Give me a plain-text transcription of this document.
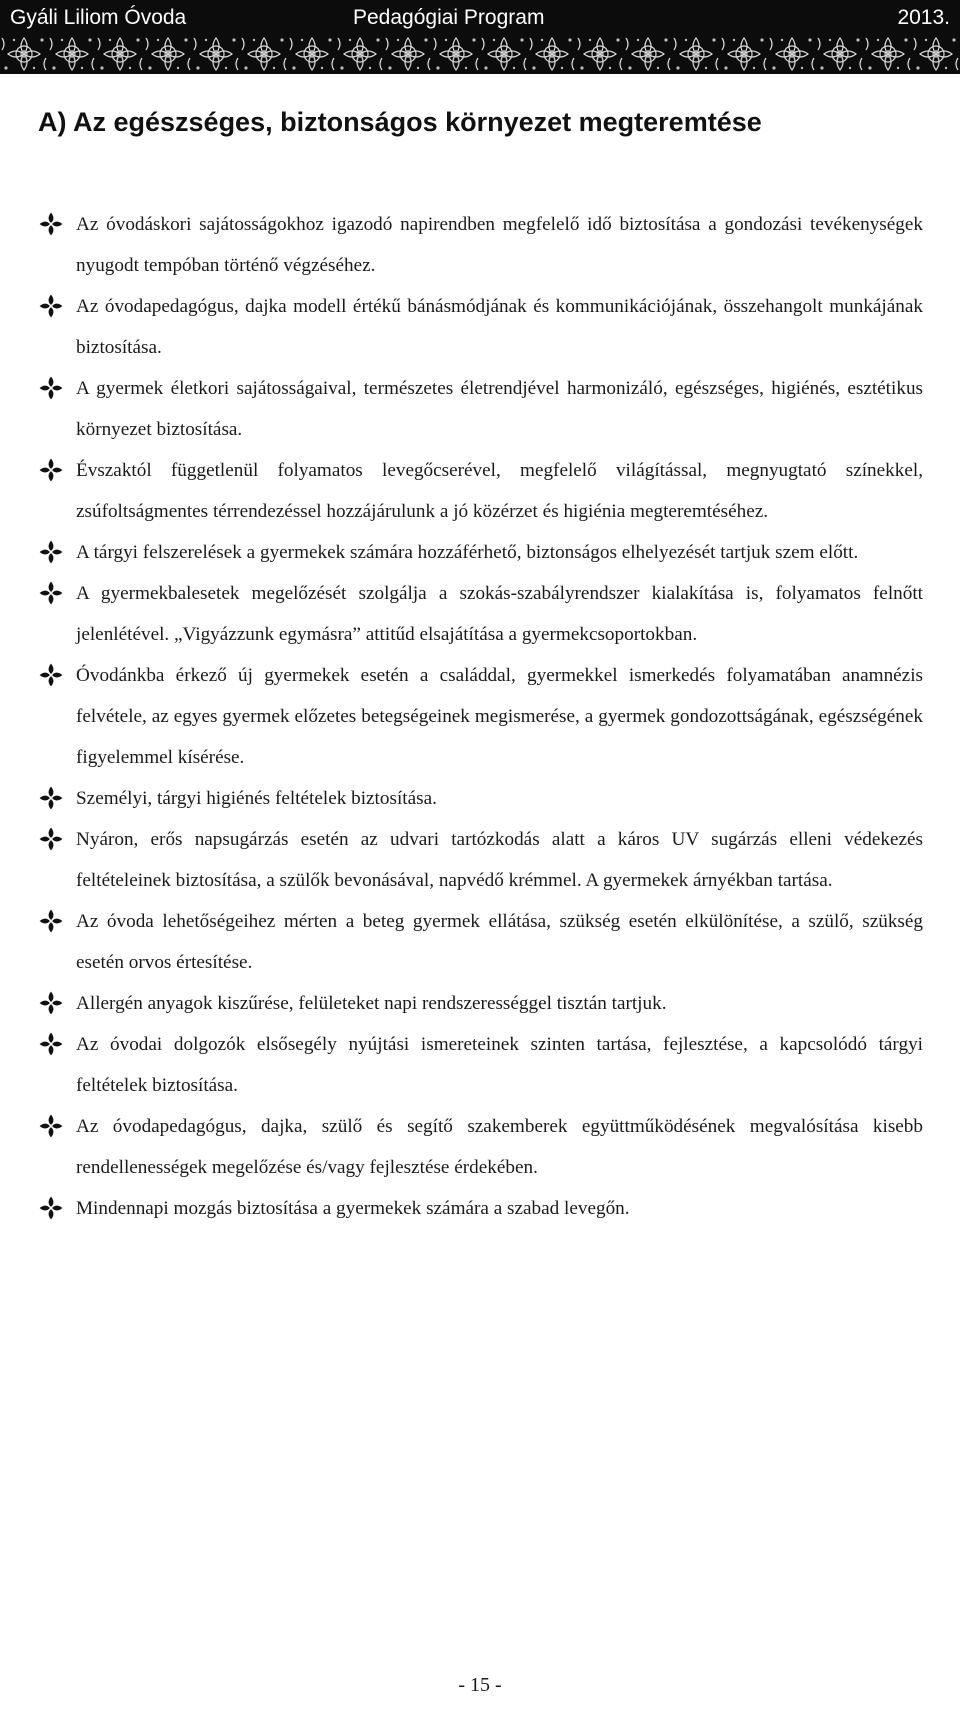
Gyáli Liliom Óvoda	Pedagógiai Program	2013.
A) Az egészséges, biztonságos környezet megteremtése

Az óvodáskori sajátosságokhoz igazodó napirendben megfelelő idő biztosítása a gondozási tevékenységek nyugodt tempóban történő végzéséhez.

Az óvodapedagógus, dajka modell értékű bánásmódjának és kommunikációjának, összehangolt munkájának biztosítása.

A gyermek életkori sajátosságaival, természetes életrendjével harmonizáló, egészséges, higiénés, esztétikus környezet biztosítása.

Évszaktól függetlenül folyamatos levegőcserével, megfelelő világítással, megnyugtató színekkel, zsúfoltságmentes térrendezéssel hozzájárulunk a jó közérzet és higiénia megteremtéséhez.

A tárgyi felszerelések a gyermekek számára hozzáférhető, biztonságos elhelyezését tartjuk szem előtt.

A gyermekbalesetek megelőzését szolgálja a szokás-szabályrendszer kialakítása is, folyamatos felnőtt jelenlétével. „Vigyázzunk egymásra” attitűd elsajátítása a gyermekcsoportokban.

Óvodánkba érkező új gyermekek esetén a családdal, gyermekkel ismerkedés folyamatában anamnézis felvétele, az egyes gyermek előzetes betegségeinek megismerése, a gyermek gondozottságának, egészségének figyelemmel kísérése.

Személyi, tárgyi higiénés feltételek biztosítása.

Nyáron, erős napsugárzás esetén az udvari tartózkodás alatt a káros UV sugárzás elleni védekezés feltételeinek biztosítása, a szülők bevonásával, napvédő krémmel. A gyermekek árnyékban tartása.

Az óvoda lehetőségeihez mérten a beteg gyermek ellátása, szükség esetén elkülönítése, a szülő, szükség esetén orvos értesítése.

Allergén anyagok kiszűrése, felületeket napi rendszerességgel tisztán tartjuk.

Az óvodai dolgozók elsősegély nyújtási ismereteinek szinten tartása, fejlesztése, a kapcsolódó tárgyi feltételek biztosítása.

Az óvodapedagógus, dajka, szülő és segítő szakemberek együttműködésének megvalósítása kisebb rendellenességek megelőzése és/vagy fejlesztése érdekében.

Mindennapi mozgás biztosítása a gyermekek számára a szabad levegőn.

- 15 -
